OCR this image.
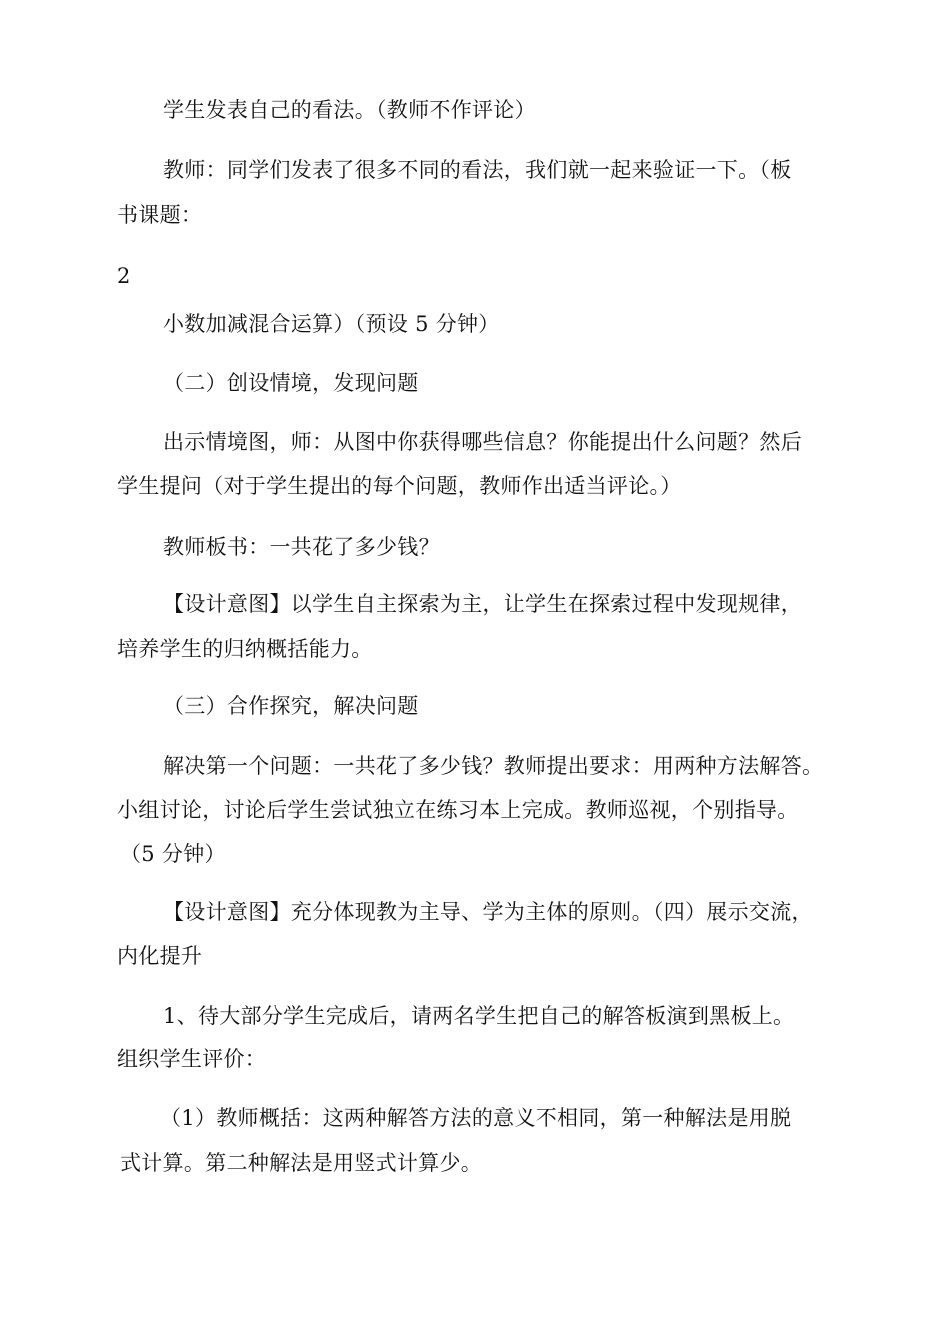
学生发表自己的看法。（教师不作评论）
教师：同学们发表了很多不同的看法，我们就一起来验证一下。（板
书课题：
2
小数加减混合运算）（预设 5 分钟）
（二）创设情境，发现问题
出示情境图，师：从图中你获得哪些信息？你能提出什么问题？然后
学生提问（对于学生提出的每个问题，教师作出适当评论。）
教师板书：一共花了多少钱？
【设计意图】以学生自主探索为主，让学生在探索过程中发现规律，
培养学生的归纳概括能力。
（三）合作探究，解决问题
解决第一个问题：一共花了多少钱？教师提出要求：用两种方法解答。
小组讨论，讨论后学生尝试独立在练习本上完成。教师巡视，个别指导。
（5 分钟）
【设计意图】充分体现教为主导、学为主体的原则。（四）展示交流，
内化提升
1、待大部分学生完成后，请两名学生把自己的解答板演到黑板上。
组织学生评价：
（1）教师概括：这两种解答方法的意义不相同，第一种解法是用脱
式计算。第二种解法是用竖式计算少。
